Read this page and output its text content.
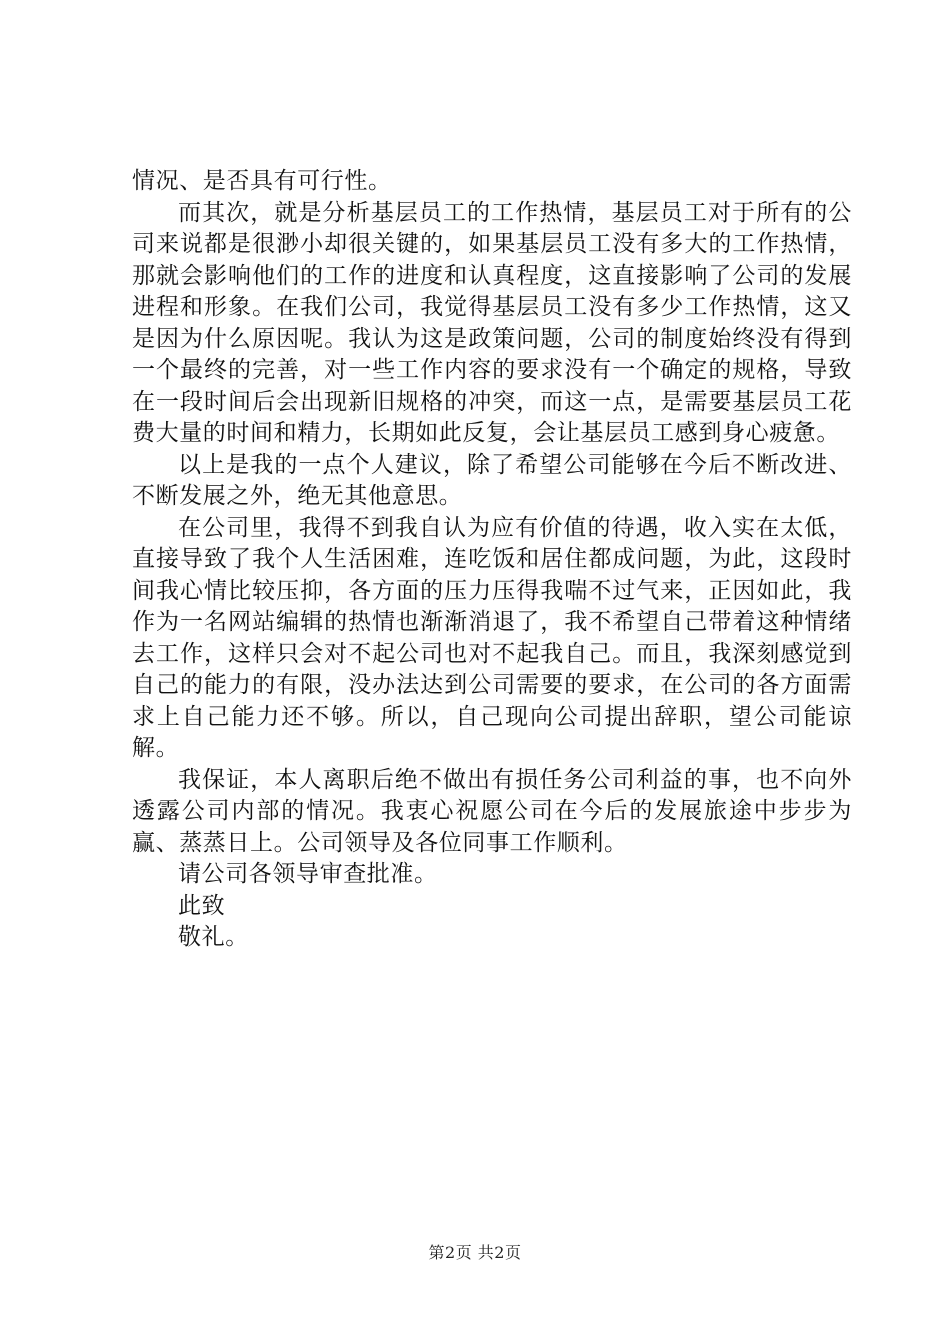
情况、是否具有可行性。

而其次，就是分析基层员工的工作热情，基层员工对于所有的公司来说都是很渺小却很关键的，如果基层员工没有多大的工作热情，那就会影响他们的工作的进度和认真程度，这直接影响了公司的发展进程和形象。在我们公司，我觉得基层员工没有多少工作热情，这又是因为什么原因呢。我认为这是政策问题，公司的制度始终没有得到一个最终的完善，对一些工作内容的要求没有一个确定的规格，导致在一段时间后会出现新旧规格的冲突，而这一点，是需要基层员工花费大量的时间和精力，长期如此反复，会让基层员工感到身心疲惫。

以上是我的一点个人建议，除了希望公司能够在今后不断改进、不断发展之外，绝无其他意思。

在公司里，我得不到我自认为应有价值的待遇，收入实在太低，直接导致了我个人生活困难，连吃饭和居住都成问题，为此，这段时间我心情比较压抑，各方面的压力压得我喘不过气来，正因如此，我作为一名网站编辑的热情也渐渐消退了，我不希望自己带着这种情绪去工作，这样只会对不起公司也对不起我自己。而且，我深刻感觉到自己的能力的有限，没办法达到公司需要的要求，在公司的各方面需求上自己能力还不够。所以，自己现向公司提出辞职，望公司能谅解。

我保证，本人离职后绝不做出有损任务公司利益的事，也不向外透露公司内部的情况。我衷心祝愿公司在今后的发展旅途中步步为赢、蒸蒸日上。公司领导及各位同事工作顺利。

请公司各领导审查批准。

此致

敬礼。

第2页 共2页
